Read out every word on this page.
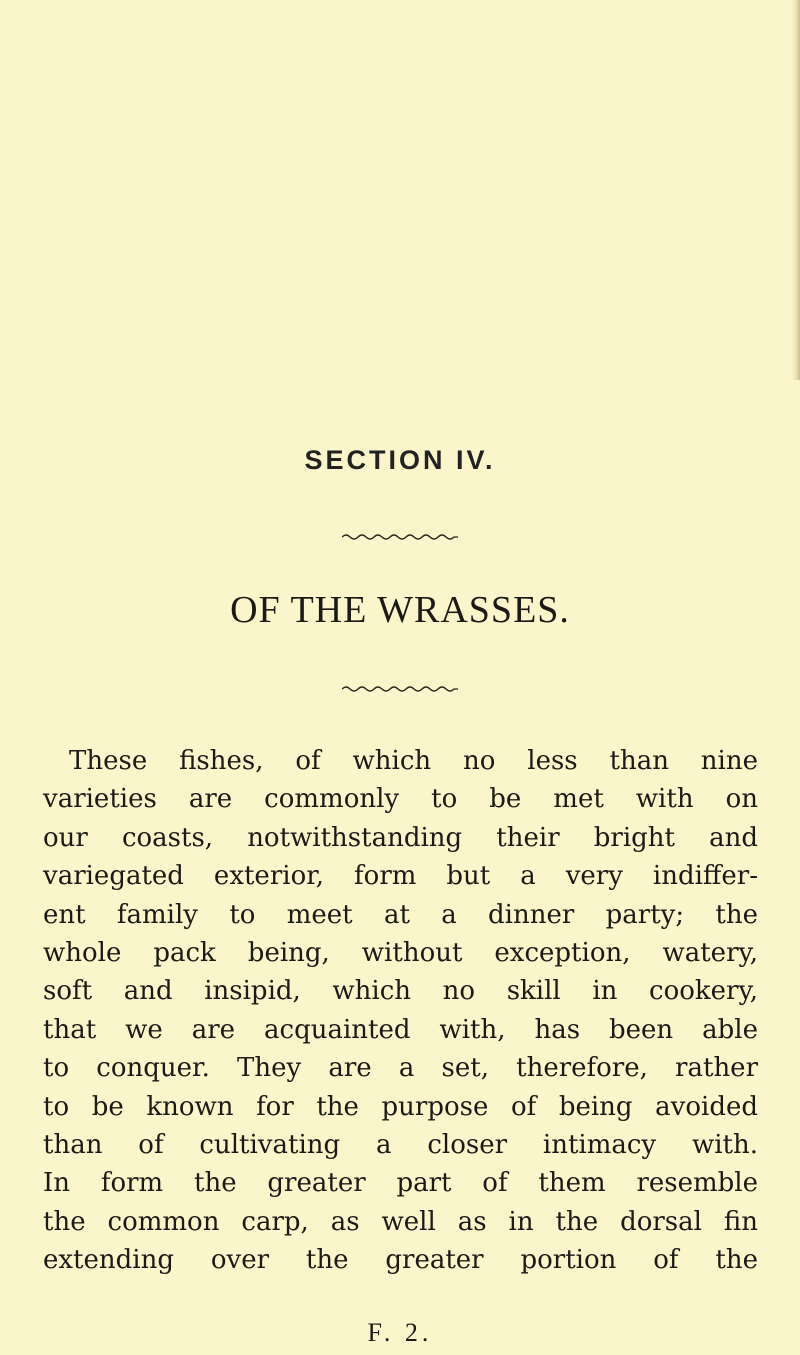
SECTION IV.
OF THE WRASSES.
These fishes, of which no less than nine
varieties are commonly to be met with on
our coasts, notwithstanding their bright and
variegated exterior, form but a very indiffer-
ent family to meet at a dinner party; the
whole pack being, without exception, watery,
soft and insipid, which no skill in cookery,
that we are acquainted with, has been able
to conquer. They are a set, therefore, rather
to be known for the purpose of being avoided
than of cultivating a closer intimacy with.
In form the greater part of them resemble
the common carp, as well as in the dorsal fin
extending over the greater portion of the
F. 2.
